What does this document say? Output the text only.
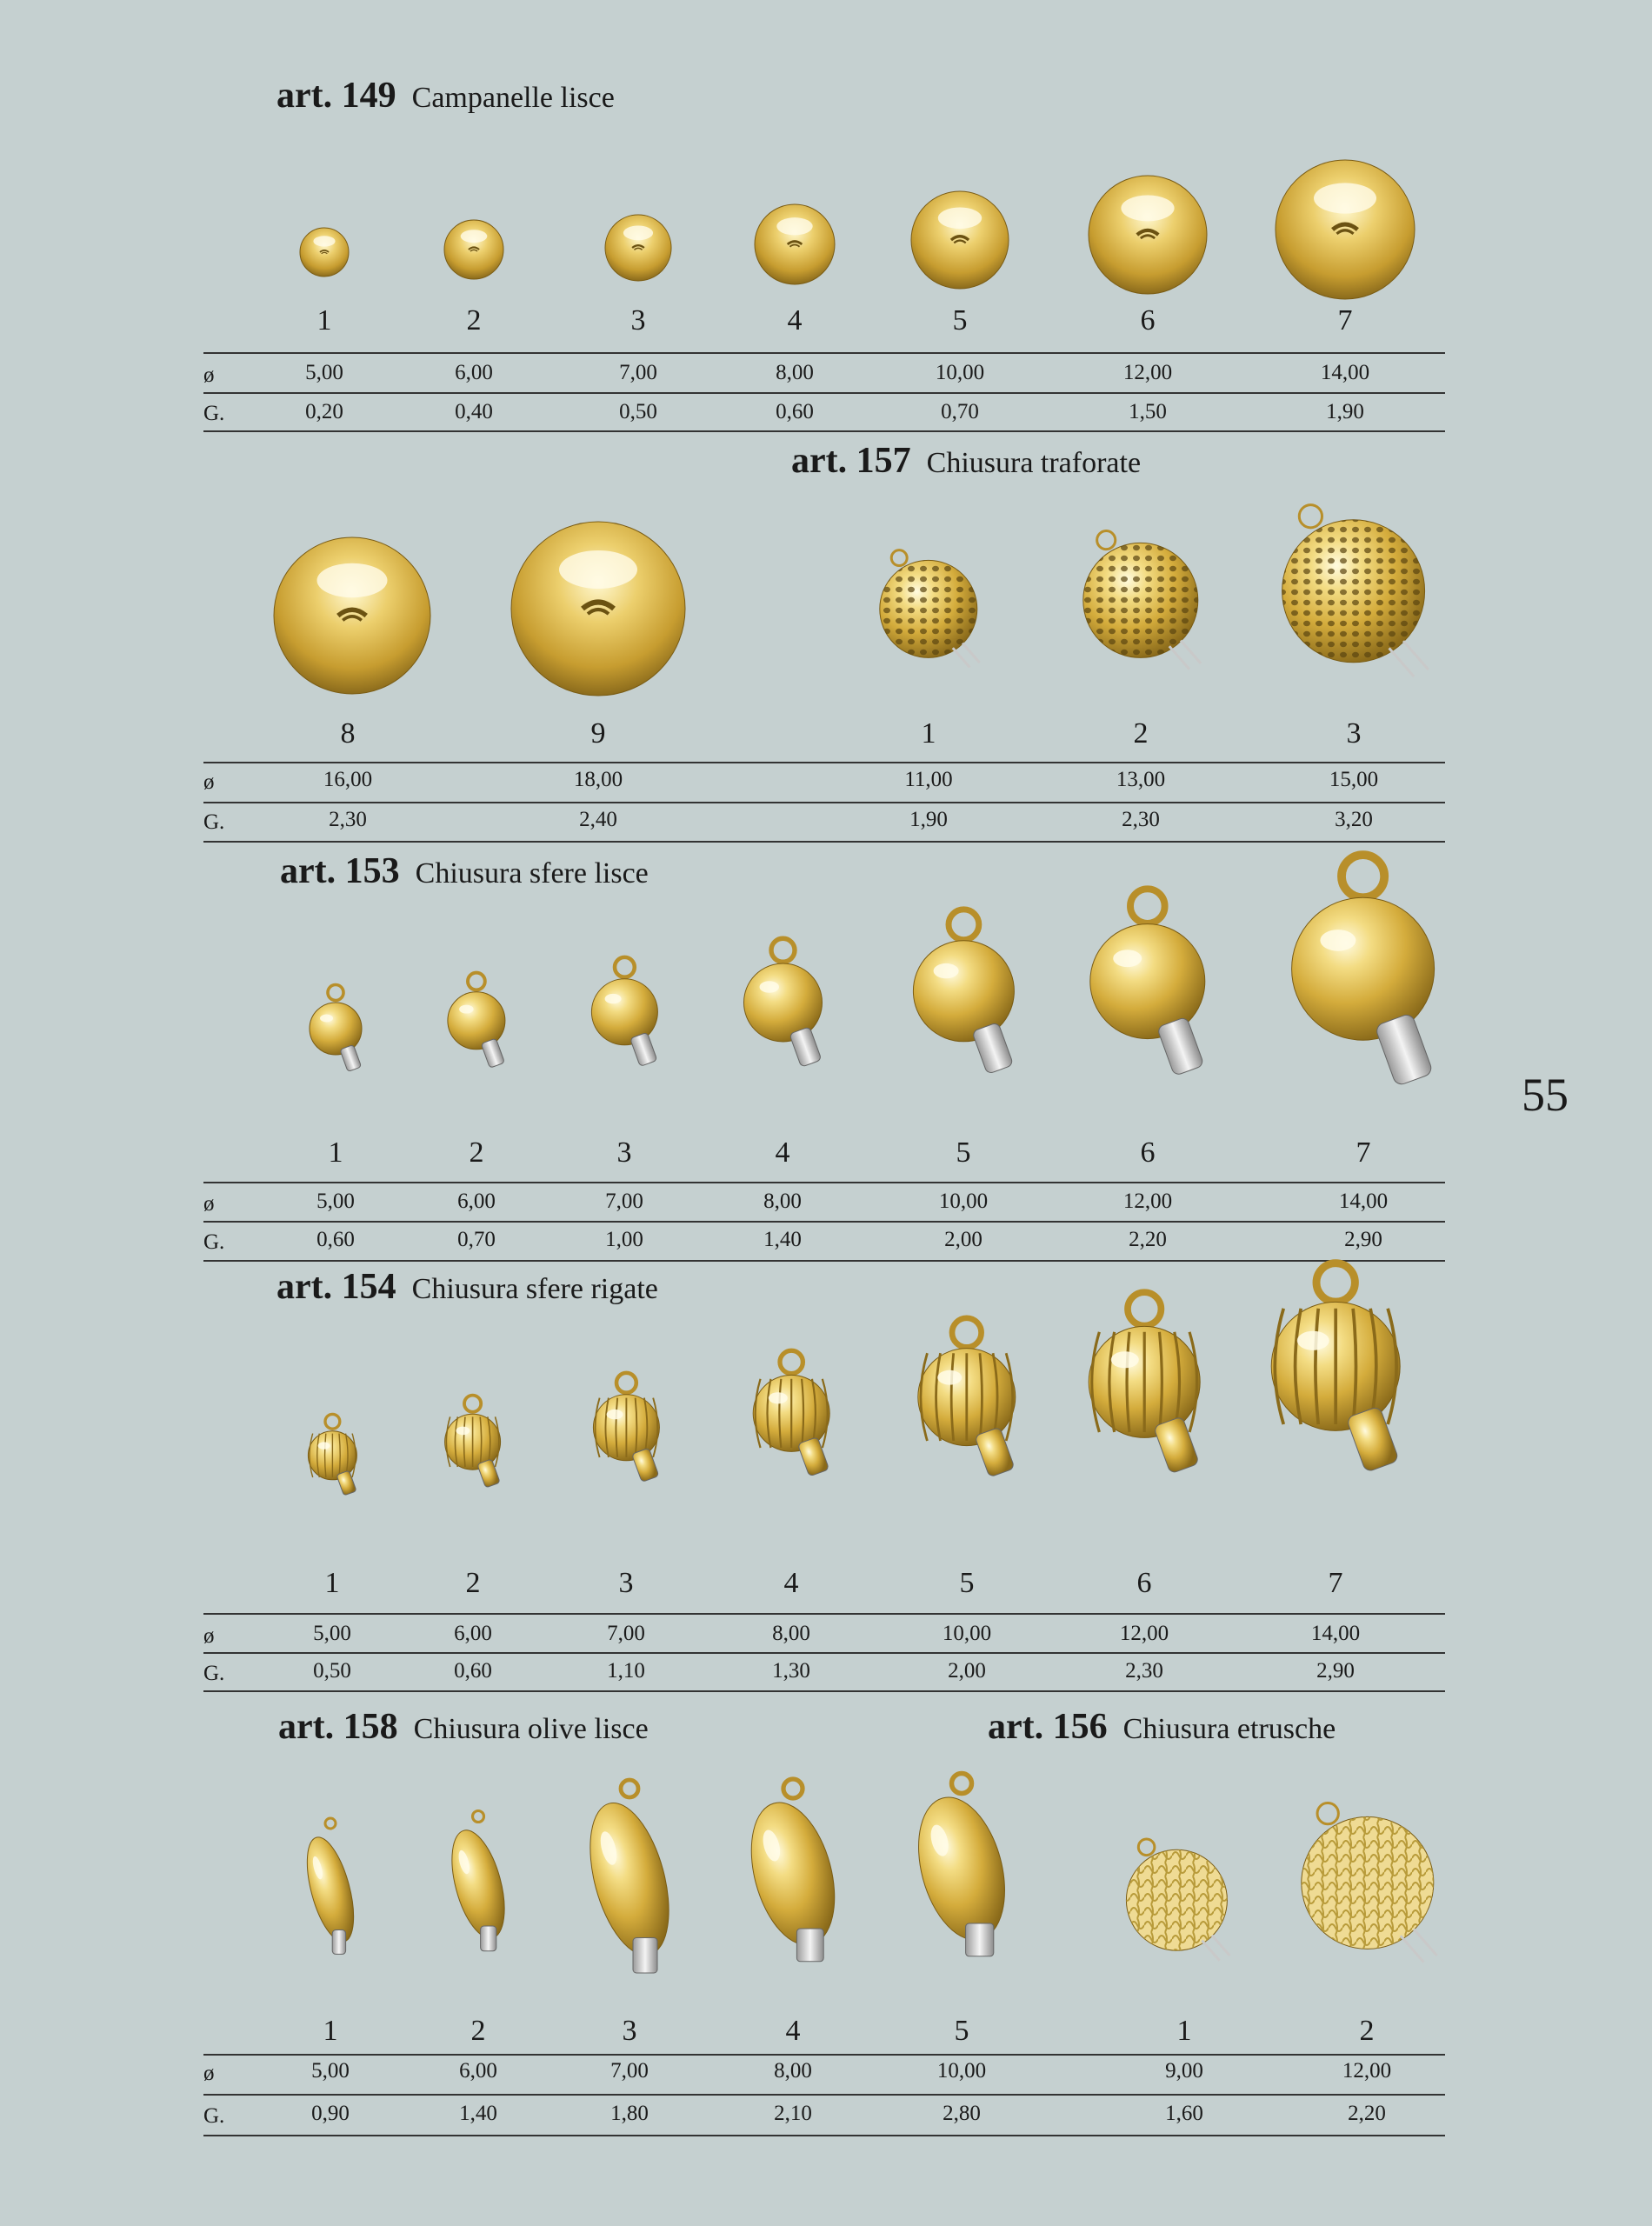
art. 149 Campanelle lisce
art. 157 Chiusura traforate
art. 153 Chiusura sfere lisce
art. 154 Chiusura sfere rigate
art. 158 Chiusura olive lisce	art. 156 Chiusura etrusche
55
1
5,00
0,20
2
6,00
0,40
3
7,00
0,50
4
8,00
0,60
5
10,00
0,70
6
12,00
1,50
7
14,00
1,90
ø
G.
8
16,00
2,30
9
18,00
2,40
1
11,00
1,90
2
13,00
2,30
3
15,00
3,20
ø
G.
1
5,00
0,60
2
6,00
0,70
3
7,00
1,00
4
8,00
1,40
5
10,00
2,00
6
12,00
2,20
7
14,00
2,90
ø
G.
1
5,00
0,50
2
6,00
0,60
3
7,00
1,10
4
8,00
1,30
5
10,00
2,00
6
12,00
2,30
7
14,00
2,90
ø
G.
1
5,00
0,90
2
6,00
1,40
3
7,00
1,80
4
8,00
2,10
5
10,00
2,80
1
9,00
1,60
2
12,00
2,20
ø
G.
